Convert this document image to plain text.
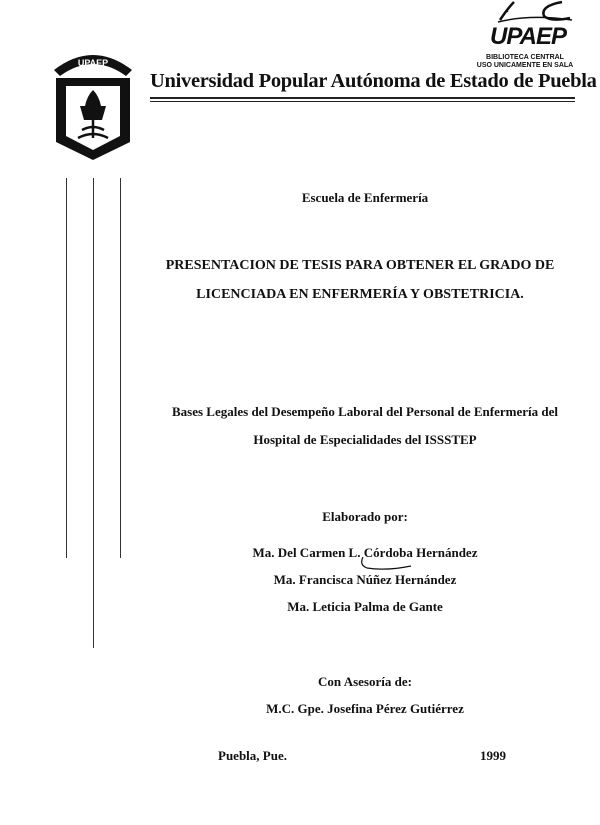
UPAEP
BIBLIOTECA CENTRAL
USO UNICAMENTE EN SALA
UPAEP
Universidad Popular Autónoma de Estado de Puebla
Escuela de Enfermería
PRESENTACION DE TESIS PARA OBTENER EL GRADO DE
LICENCIADA EN ENFERMERÍA Y OBSTETRICIA.
Bases Legales del Desempeño Laboral del Personal de Enfermería del
Hospital de Especialidades del ISSSTEP
Elaborado por:
Ma. Del Carmen L. Córdoba Hernández
Ma. Francisca Núñez Hernández
Ma. Leticia Palma de Gante
Con Asesoría de:
M.C. Gpe. Josefina Pérez Gutiérrez
Puebla, Pue.	1999
